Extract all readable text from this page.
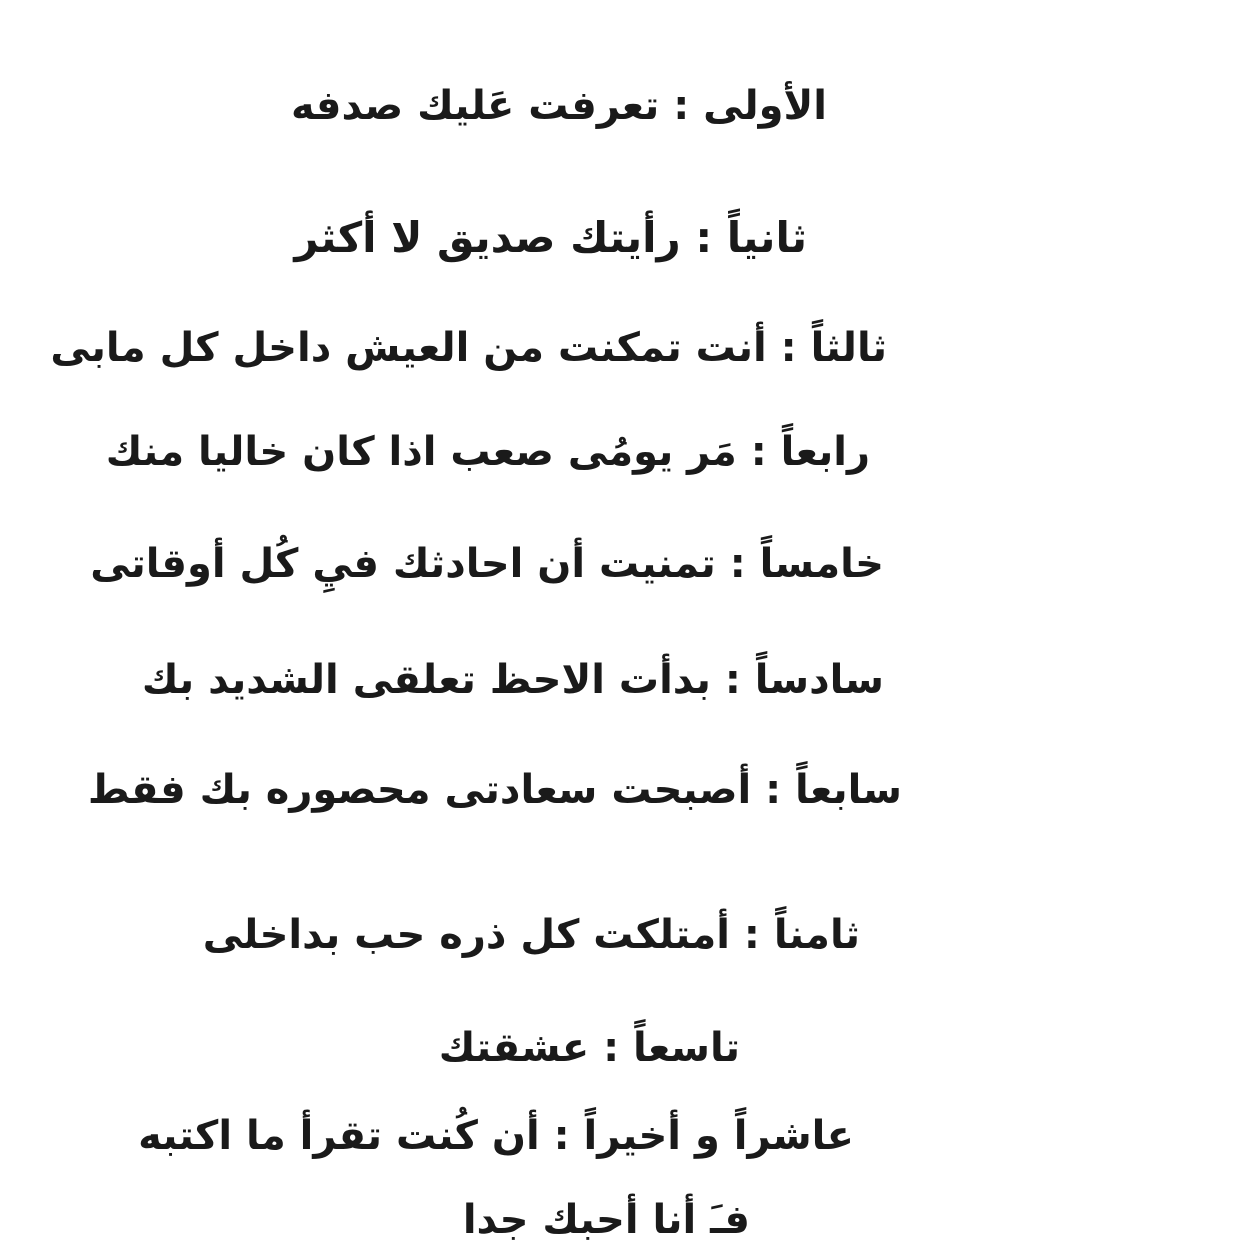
الأولى : تعرفت عَليك صدفه
ثانياً : رأيتك صديق لا أكثر
ثالثاً : أنت تمكنت من العيش داخل كل مابى
رابعاً : مَر يومُى صعب اذا كان خاليا منك
خامساً : تمنيت أن احادثك فيِ كُل أوقاتى
سادساً : بدأت الاحظ تعلقى الشديد بك
سابعاً : أصبحت سعادتى محصوره بك فقط
ثامناً : أمتلكت كل ذره حب بداخلى
تاسعاً : عشقتك
عاشراً و أخيراً : أن كُنت تقرأ ما اكتبه
فـَ أنا أحبك جدا
